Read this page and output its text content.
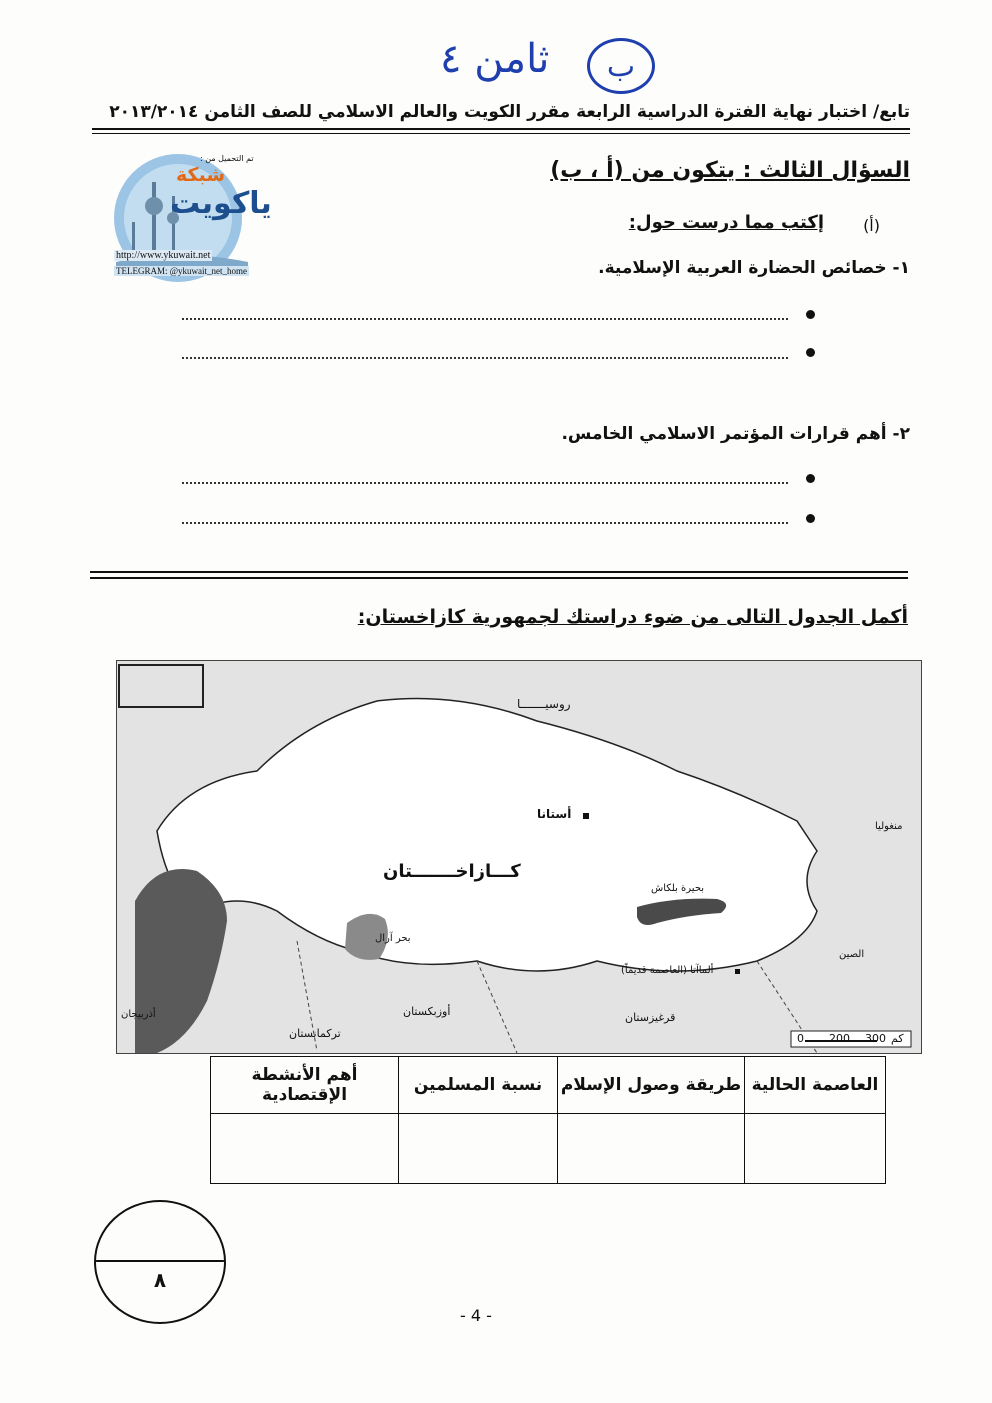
ب
ثامن ٤
تابع/ اختبار نهاية الفترة الدراسية الرابعة مقرر الكويت والعالم الاسلامي للصف الثامن ٢٠١٣/٢٠١٤
تم التحميل من :
شبكة
ياكويت
http://www.ykuwait.net
TELEGRAM: @ykuwait_net_home
السؤال الثالث : يتكون من (أ ، ب)
(أ)
إكتب مما درست حول:
١- خصائص الحضارة العربية الإسلامية.
٢- أهم قرارات المؤتمر الاسلامي الخامس.
أكمل الجدول التالى من ضوء دراستك لجمهورية كازاخستان:
روسيـــــــا
كـــازاخـــــــتان
أستانا
بحيرة بلكاش
بحر آرال
ألماآتا (العاصمة قديماً)
أوزبكستان
تركمانستان
قرغيزستان
الصين
منغوليا
أذربيجان
0 200 300 كم
العاصمة الحالية	طريقة وصول الإسلام	نسبة المسلمين	أهم الأنشطة الإقتصادية

٨
- 4 -
